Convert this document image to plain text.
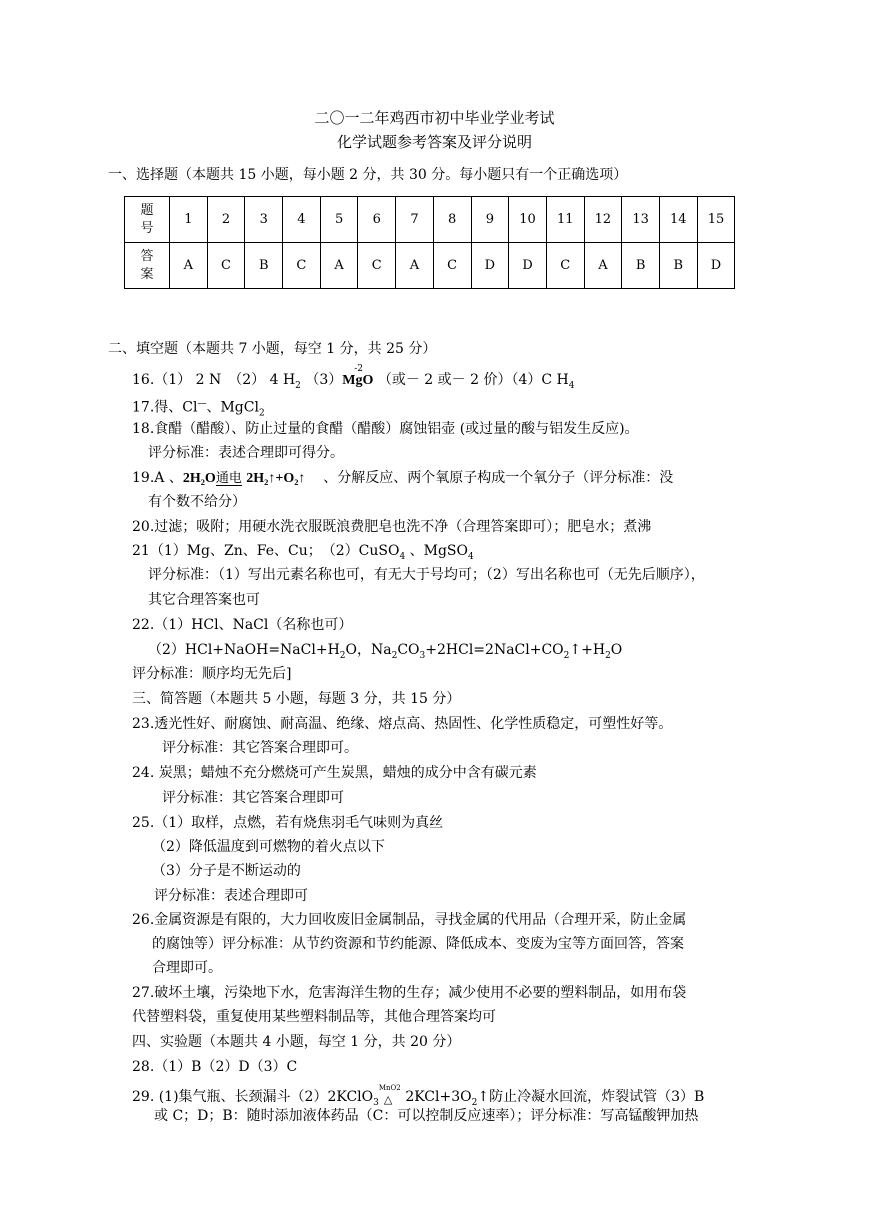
二〇一二年鸡西市初中毕业学业考试
化学试题参考答案及评分说明
一、选择题（本题共 15 小题，每小题 2 分，共 30 分。每小题只有一个正确选项）
题
号	1	2	3	4	5	6	7	8	9	10	11	12	13	14	15

答
案	A	C	B	C	A	C	A	C	D	D	C	A	B	B	D
二、填空题（本题共 7 小题，每空 1 分，共 25 分）
16.（1） 2 N　（2） 4 $H_2$ （3）
-2
MgO （或－ 2 或－ 2 价）（4）C $H_4$
17.得、Cl—、MgCl$_2$
18.食醋（醋酸）、防止过量的食醋（醋酸）腐蚀铝壶 (或过量的酸与铝发生反应)。
评分标准：表述合理即可得分。
19.A 、2H₂O通电 2H₂↑+O₂↑ 、分解反应、两个氧原子构成一个氧分子（评分标准：没
有个数不给分）
20.过滤；吸附；用硬水洗衣服既浪费肥皂也洗不净（合理答案即可）；肥皂水；煮沸
21（1）Mg、Zn、Fe、Cu；　（2）CuSO$_4$ 、MgSO$_4$
评分标准：（1）写出元素名称也可，有无大于号均可；（2）写出名称也可（无先后顺序），
其它合理答案也可
22.（1）HCl、NaCl（名称也可）
$(2)HCl+NaOH=NaCl+H_2O$，$Na_2CO_3+2HCl=2NaCl+CO_2↑+H_2O$
评分标准：顺序均无先后]
三、简答题（本题共 5 小题，每题 3 分，共 15 分）
23.透光性好、耐腐蚀、耐高温、绝缘、熔点高、热固性、化学性质稳定，可塑性好等。
评分标准：其它答案合理即可。
24. 炭黑；蜡烛不充分燃烧可产生炭黑，蜡烛的成分中含有碳元素
评分标准：其它答案合理即可
25.（1）取样，点燃，若有烧焦羽毛气味则为真丝
（2）降低温度到可燃物的着火点以下
（3）分子是不断运动的
评分标准：表述合理即可
26.金属资源是有限的，大力回收废旧金属制品，寻找金属的代用品（合理开采，防止金属
的腐蚀等）评分标准：从节约资源和节约能源、降低成本、变废为宝等方面回答，答案
合理即可。
27.破坏土壤，污染地下水，危害海洋生物的生存；减少使用不必要的塑料制品，如用布袋
代替塑料袋，重复使用某些塑料制品等，其他合理答案均可
四、实验题（本题共 4 小题，每空 1 分，共 20 分）
28.（1）B（2）D（3）C
29. (1)集气瓶、长颈漏斗（2）2KClO$_3$
MnO2
△ $2KCl+3O_2↑$防止冷凝水回流，炸裂试管（3）B
或 C；D；B：随时添加液体药品（C：可以控制反应速率）；评分标准：写高锰酸钾加热
